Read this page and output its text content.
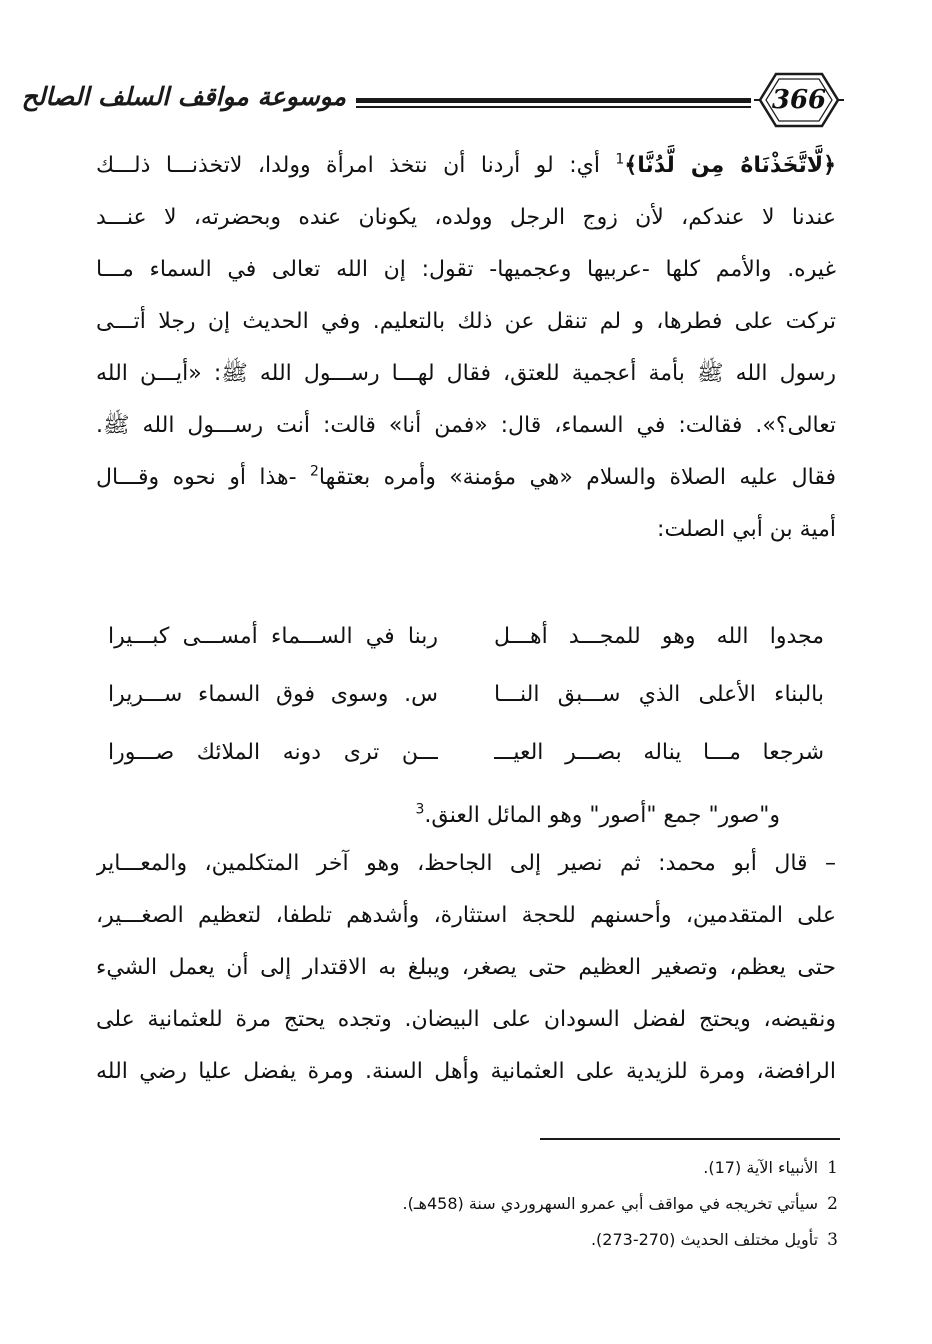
موسوعة مواقف السلف الصالح	366
﴿لَّاتَّخَذْنَاهُ مِن لَّدُنَّا﴾$^1$ أي: لو أردنا أن نتخذ امرأة وولدا، لاتخذنـــا ذلـــك
عندنا لا عندكم، لأن زوج الرجل وولده، يكونان عنده وبحضرته، لا عنـــد
غيره. والأمم كلها -عربيها وعجميها- تقول: إن الله تعالى في السماء مـــا
تركت على فطرها، و لم تنقل عن ذلك بالتعليم. وفي الحديث إن رجلا أتـــى
رسول الله ﷺ بأمة أعجمية للعتق، فقال لهـــا رســـول الله ﷺ: «أيـــن الله
تعالى؟». فقالت: في السماء، قال: «فمن أنا» قالت: أنت رســـول الله ﷺ.
فقال عليه الصلاة والسلام «هي مؤمنة» وأمره بعتقها$^2$ -هذا أو نحوه وقـــال
أمية بن أبي الصلت:
مجدوا الله وهو للمجـــد أهـــل
ربنا في الســـماء أمســـى كبـــيرا
بالبناء الأعلى الذي ســـبق النـــا
س. وسوى فوق السماء ســـريرا
شرجعا مـــا يناله بصـــر العيـــ
ـــن ترى دونه الملائك صـــورا
و"صور" جمع "أصور" وهو المائل العنق.$^3$
– قال أبو محمد: ثم نصير إلى الجاحظ، وهو آخر المتكلمين، والمعـــاير
على المتقدمين، وأحسنهم للحجة استثارة، وأشدهم تلطفا، لتعظيم الصغـــير،
حتى يعظم، وتصغير العظيم حتى يصغر، ويبلغ به الاقتدار إلى أن يعمل الشيء
ونقيضه، ويحتج لفضل السودان على البيضان. وتجده يحتج مرة للعثمانية على
الرافضة، ومرة للزيدية على العثمانية وأهل السنة. ومرة يفضل عليا رضي الله
1 الأنبياء الآية (17).
2 سيأتي تخريجه في مواقف أبي عمرو السهروردي سنة (458هـ).
3 تأويل مختلف الحديث (270-273).
